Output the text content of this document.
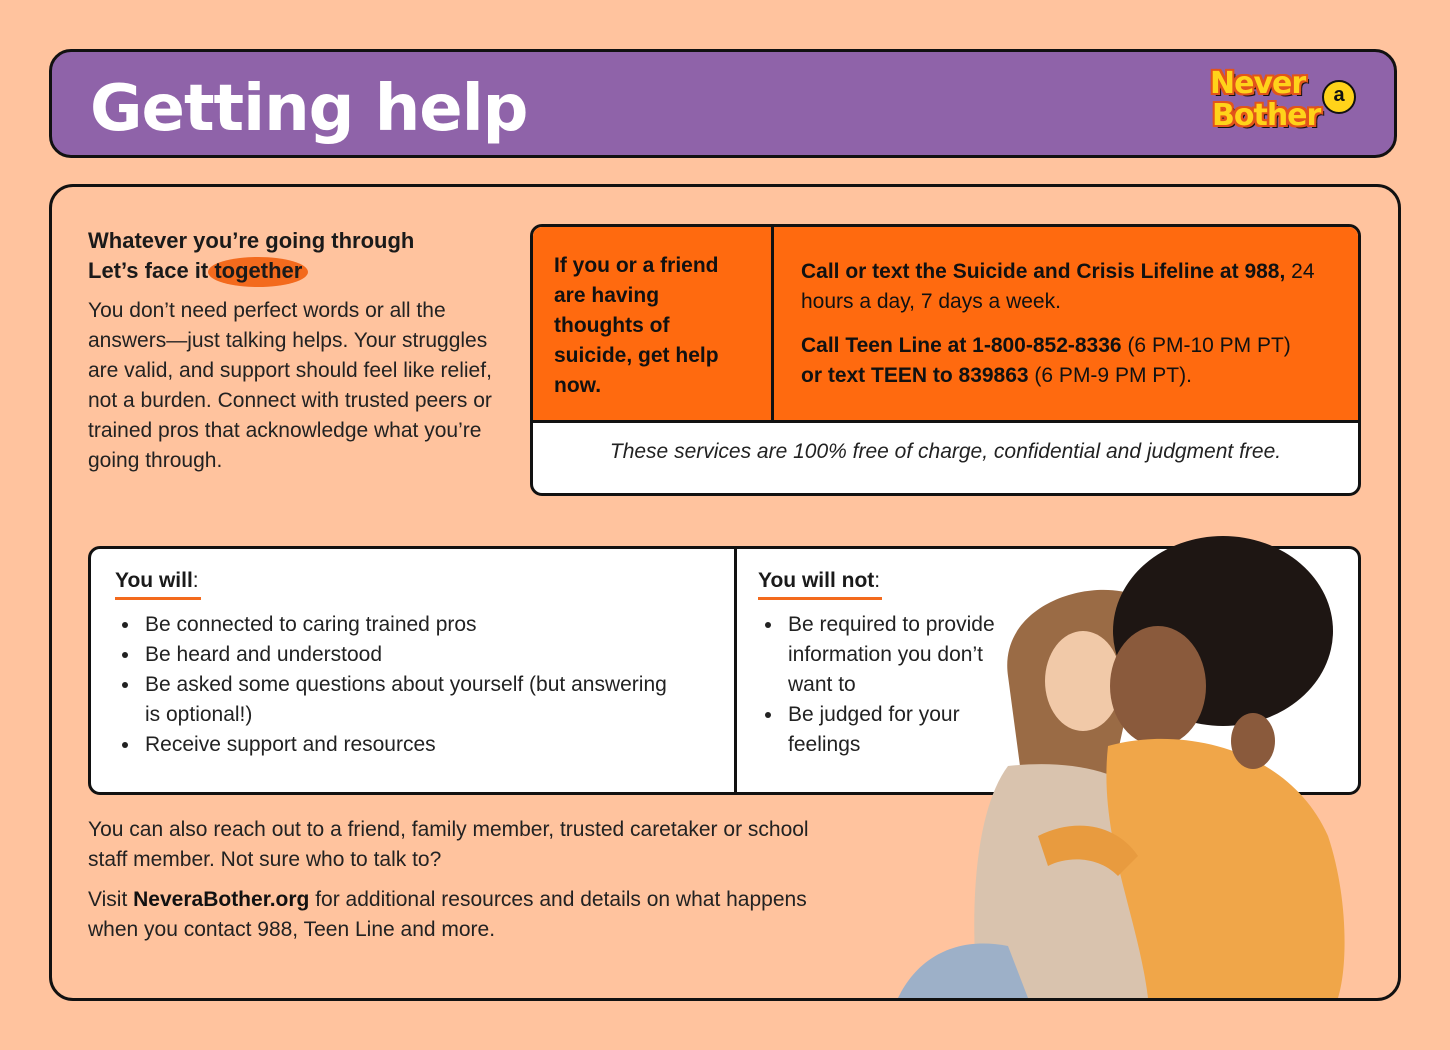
Getting help	Never	a
Bother

Whatever you’re going through
Let’s face it together

You don’t need perfect words or all the answers—just talking helps. Your struggles are valid, and support should feel like relief, not a burden. Connect with trusted peers or trained pros that acknowledge what you’re going through.

If you or a friend are having thoughts of suicide, get help now.

Call or text the Suicide and Crisis Lifeline at 988, 24 hours a day, 7 days a week.

Call Teen Line at 1-800-852-8336 (6 PM-10 PM PT)
or text TEEN to 839863 (6 PM-9 PM PT).

These services are 100% free of charge, confidential and judgment free.
You will:
• Be connected to caring trained pros
• Be heard and understood
• Be asked some questions about yourself (but answering is optional!)
• Receive support and resources
You will not:
• Be required to provide information you don’t want to
• Be judged for your feelings

You can also reach out to a friend, family member, trusted caretaker or school staff member. Not sure who to talk to?

Visit NeveraBother.org for additional resources and details on what happens when you contact 988, Teen Line and more.
